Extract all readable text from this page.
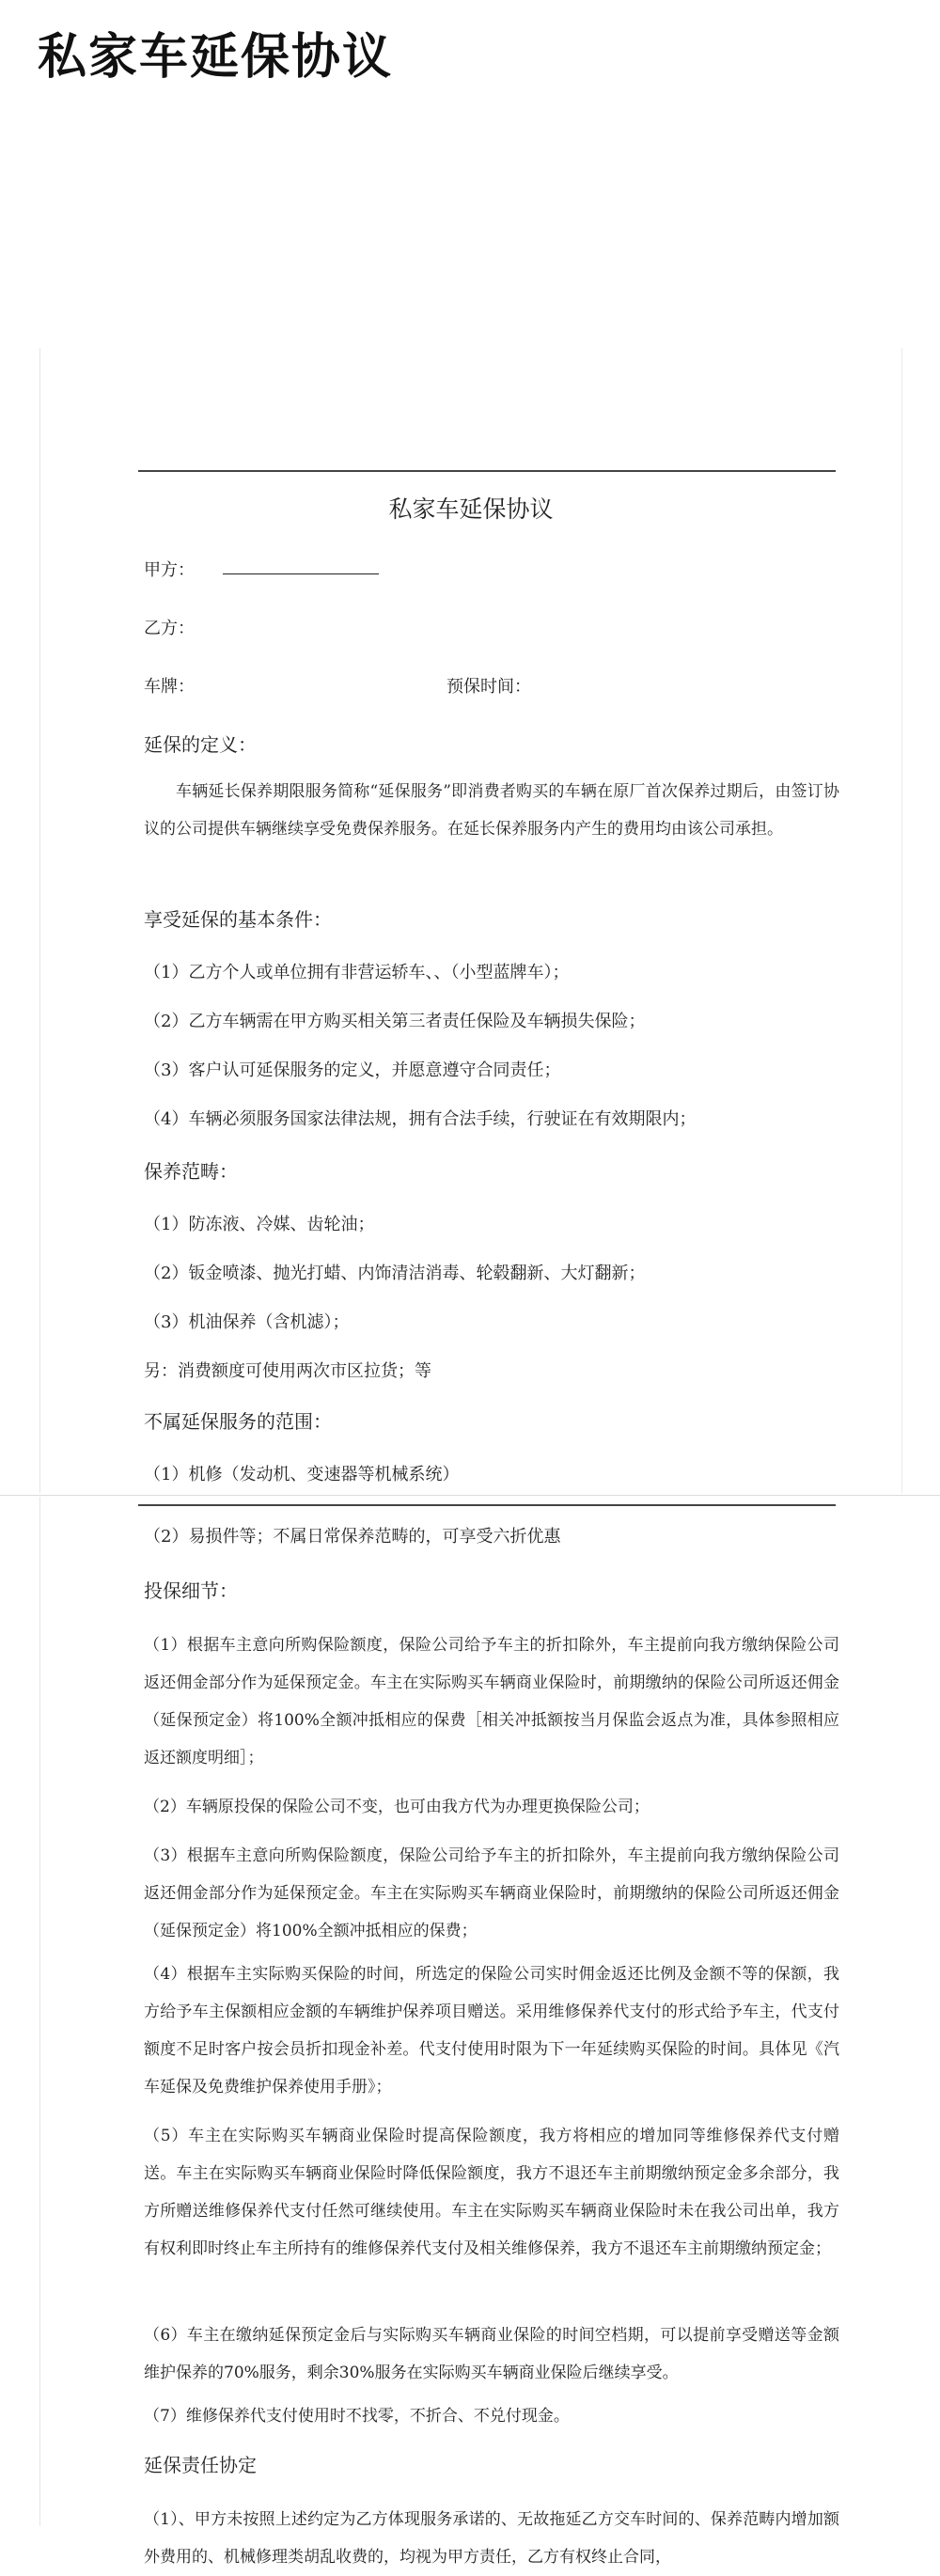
私家车延保协议
私家车延保协议
甲方：
乙方：
车牌：	预保时间：
延保的定义：
车辆延长保养期限服务简称“延保服务”即消费者购买的车辆在原厂首次保养过期后，由签订协议的公司提供车辆继续享受免费保养服务。在延长保养服务内产生的费用均由该公司承担。
享受延保的基本条件：
（1）乙方个人或单位拥有非营运轿车、、（小型蓝牌车）；
（2）乙方车辆需在甲方购买相关第三者责任保险及车辆损失保险；
（3）客户认可延保服务的定义，并愿意遵守合同责任；
（4）车辆必须服务国家法律法规，拥有合法手续，行驶证在有效期限内；
保养范畴：
（1）防冻液、冷媒、齿轮油；
（2）钣金喷漆、抛光打蜡、内饰清洁消毒、轮毂翻新、大灯翻新；
（3）机油保养（含机滤）；
另：消费额度可使用两次市区拉货；等
不属延保服务的范围：
（1）机修（发动机、变速器等机械系统）
（2）易损件等；不属日常保养范畴的，可享受六折优惠
投保细节：
（1）根据车主意向所购保险额度，保险公司给予车主的折扣除外，车主提前向我方缴纳保险公司返还佣金部分作为延保预定金。车主在实际购买车辆商业保险时，前期缴纳的保险公司所返还佣金（延保预定金）将100%全额冲抵相应的保费［相关冲抵额按当月保监会返点为准，具体参照相应返还额度明细］；
（2）车辆原投保的保险公司不变，也可由我方代为办理更换保险公司；
（3）根据车主意向所购保险额度，保险公司给予车主的折扣除外，车主提前向我方缴纳保险公司返还佣金部分作为延保预定金。车主在实际购买车辆商业保险时，前期缴纳的保险公司所返还佣金（延保预定金）将100%全额冲抵相应的保费；
（4）根据车主实际购买保险的时间，所选定的保险公司实时佣金返还比例及金额不等的保额，我方给予车主保额相应金额的车辆维护保养项目赠送。采用维修保养代支付的形式给予车主，代支付额度不足时客户按会员折扣现金补差。代支付使用时限为下一年延续购买保险的时间。具体见《汽车延保及免费维护保养使用手册》；
（5）车主在实际购买车辆商业保险时提高保险额度，我方将相应的增加同等维修保养代支付赠送。车主在实际购买车辆商业保险时降低保险额度，我方不退还车主前期缴纳预定金多余部分，我方所赠送维修保养代支付任然可继续使用。车主在实际购买车辆商业保险时未在我公司出单，我方有权利即时终止车主所持有的维修保养代支付及相关维修保养，我方不退还车主前期缴纳预定金；
（6）车主在缴纳延保预定金后与实际购买车辆商业保险的时间空档期，可以提前享受赠送等金额维护保养的70%服务，剩余30%服务在实际购买车辆商业保险后继续享受。
（7）维修保养代支付使用时不找零，不折合、不兑付现金。
延保责任协定
（1）、甲方未按照上述约定为乙方体现服务承诺的、无故拖延乙方交车时间的、保养范畴内增加额外费用的、机械修理类胡乱收费的，均视为甲方责任，乙方有权终止合同，
